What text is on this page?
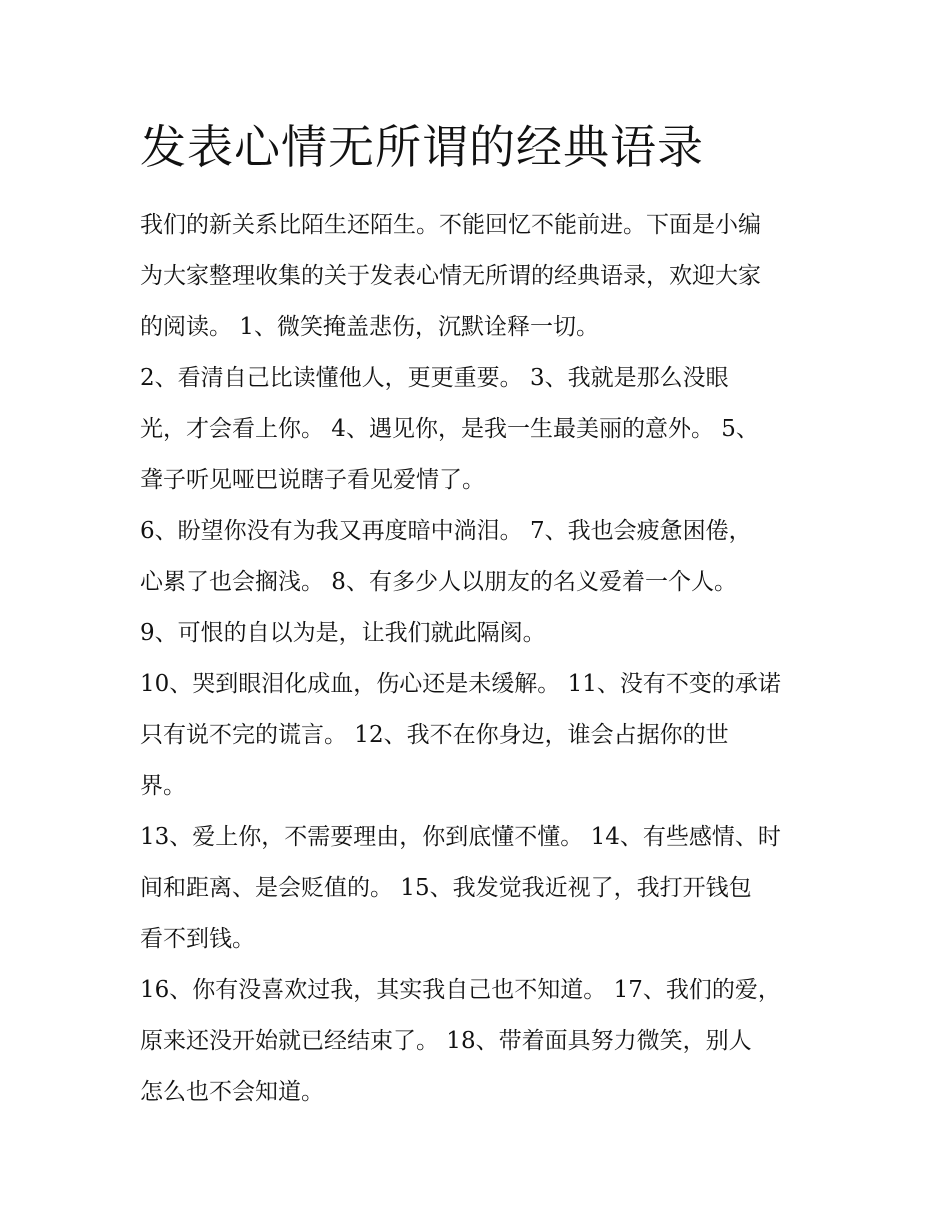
发表心情无所谓的经典语录

我们的新关系比陌生还陌生。不能回忆不能前进。下面是小编
为大家整理收集的关于发表心情无所谓的经典语录，欢迎大家
的阅读。 1、微笑掩盖悲伤，沉默诠释一切。

2、看清自己比读懂他人，更更重要。 3、我就是那么没眼
光，才会看上你。 4、遇见你，是我一生最美丽的意外。 5、
聋子听见哑巴说瞎子看见爱情了。

6、盼望你没有为我又再度暗中淌泪。 7、我也会疲惫困倦，
心累了也会搁浅。 8、有多少人以朋友的名义爱着一个人。

9、可恨的自以为是，让我们就此隔阂。

10、哭到眼泪化成血，伤心还是未缓解。 11、没有不变的承诺
只有说不完的谎言。 12、我不在你身边，谁会占据你的世
界。

13、爱上你，不需要理由，你到底懂不懂。 14、有些感情、时
间和距离、是会贬值的。 15、我发觉我近视了，我打开钱包
看不到钱。

16、你有没喜欢过我，其实我自己也不知道。 17、我们的爱，
原来还没开始就已经结束了。 18、带着面具努力微笑，别人
怎么也不会知道。
